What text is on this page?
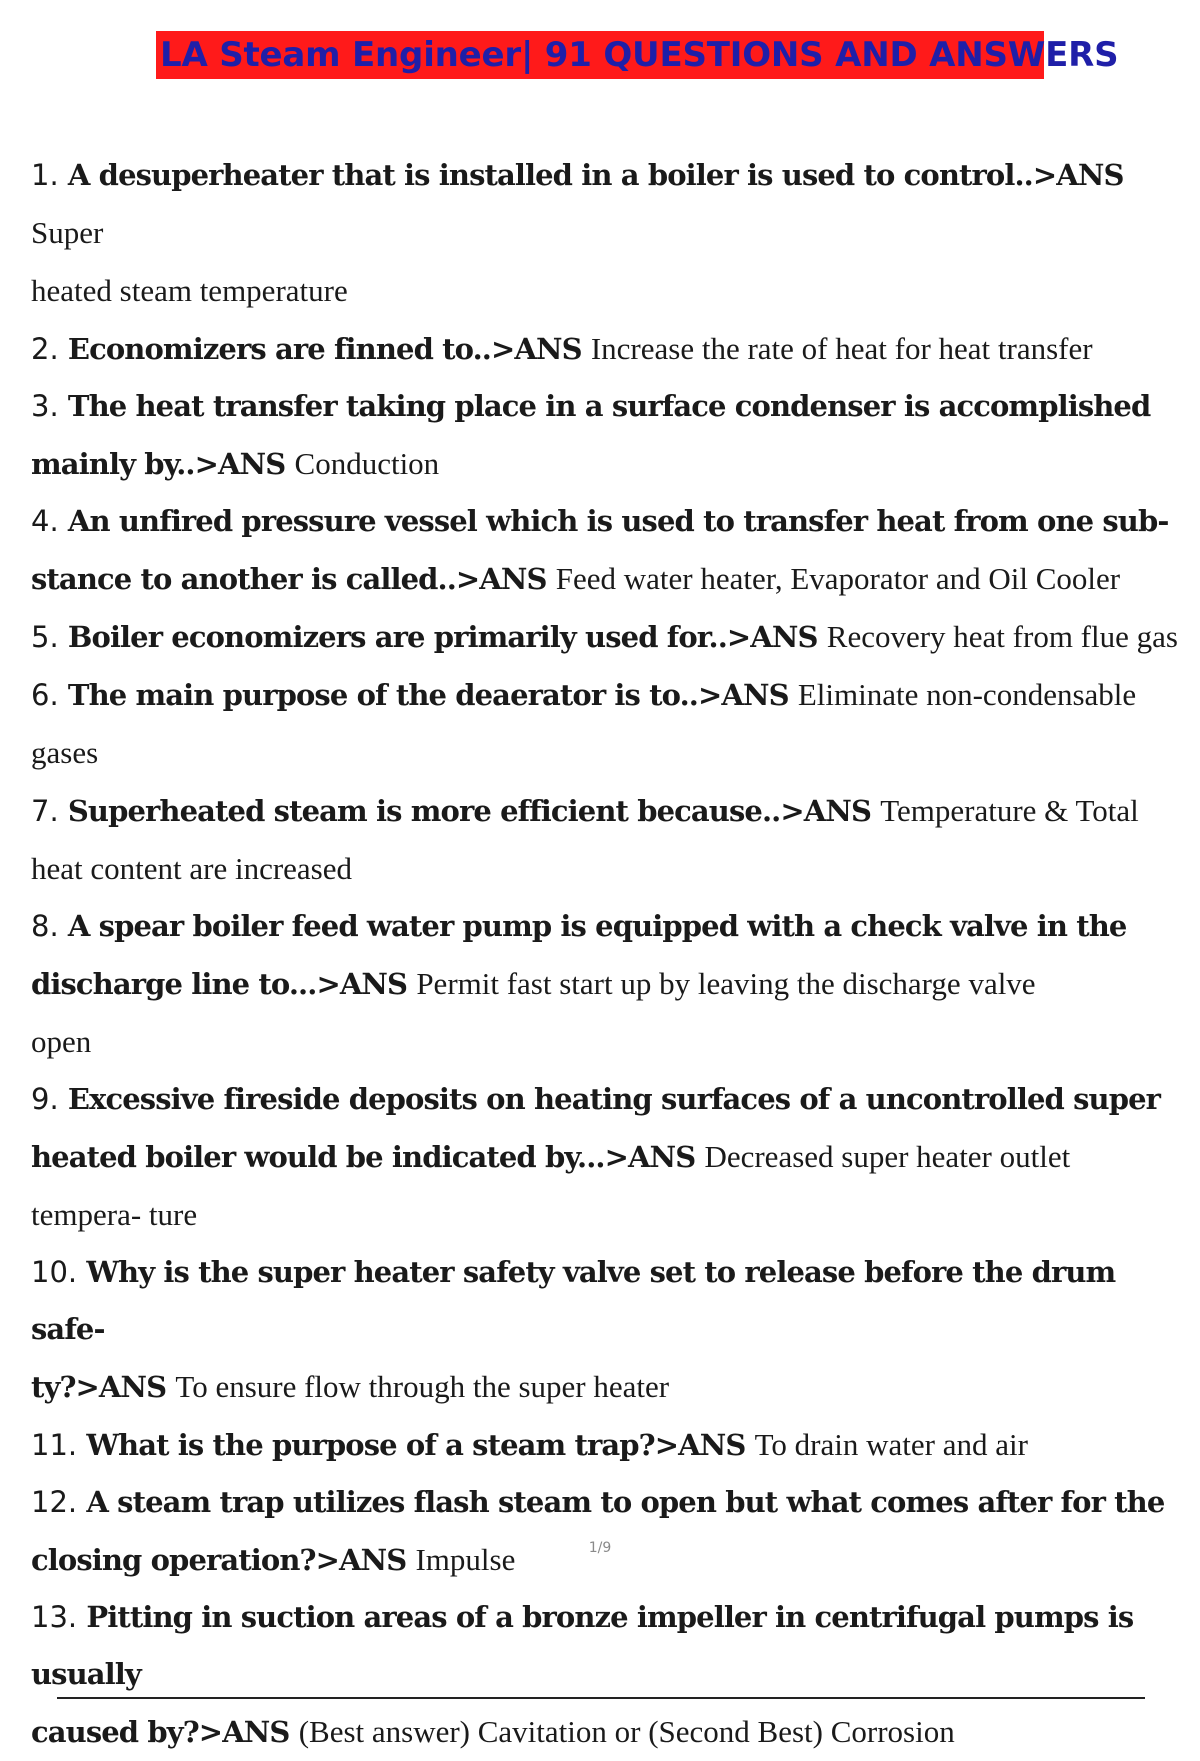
LA Steam Engineer| 91 QUESTIONS AND ANSWERS
1. A desuperheater that is installed in a boiler is used to control..>ANS Super
heated steam temperature
2. Economizers are finned to..>ANS Increase the rate of heat for heat transfer
3. The heat transfer taking place in a surface condenser is accomplished
mainly by..>ANS Conduction
4. An unfired pressure vessel which is used to transfer heat from one sub-
stance to another is called..>ANS Feed water heater, Evaporator and Oil Cooler
5. Boiler economizers are primarily used for..>ANS Recovery heat from flue gas
6. The main purpose of the deaerator is to..>ANS Eliminate non-condensable gases
7. Superheated steam is more efficient because..>ANS Temperature & Total
heat content are increased
8. A spear boiler feed water pump is equipped with a check valve in the
discharge line to...>ANS Permit fast start up by leaving the discharge valve
open
9. Excessive fireside deposits on heating surfaces of a uncontrolled super
heated boiler would be indicated by...>ANS Decreased super heater outlet
tempera- ture
10. Why is the super heater safety valve set to release before the drum safe-
ty?>ANS To ensure flow through the super heater
11. What is the purpose of a steam trap?>ANS To drain water and air
12. A steam trap utilizes flash steam to open but what comes after for the
closing operation?>ANS Impulse
13. Pitting in suction areas of a bronze impeller in centrifugal pumps is usually
caused by?>ANS (Best answer) Cavitation or (Second Best) Corrosion
1/9
